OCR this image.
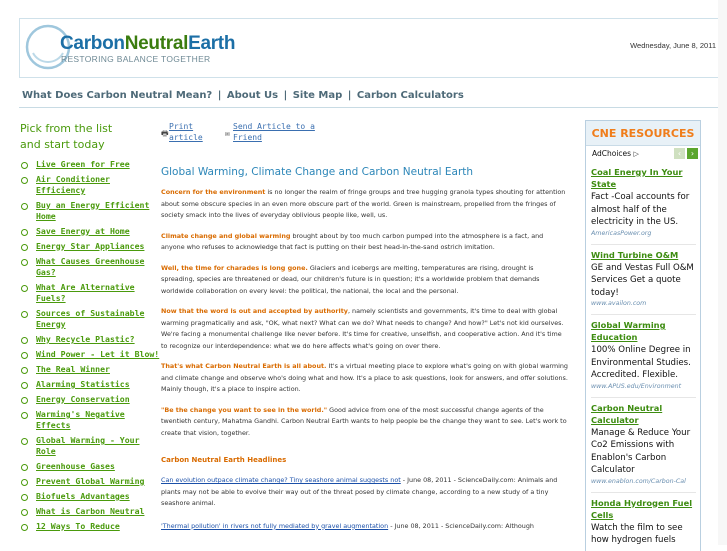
CarbonNeutralEarth
RESTORING BALANCE TOGETHER
Wednesday, June 8, 2011
What Does Carbon Neutral Mean? | About Us | Site Map | Carbon Calculators
Pick from the list
and start today
Live Green for Free
Air Conditioner Efficiency
Buy an Energy Efficient Home
Save Energy at Home
Energy Star Appliances
What Causes Greenhouse Gas?
What Are Alternative Fuels?
Sources of Sustainable Energy
Why Recycle Plastic?
Wind Power - Let it Blow!
The Real Winner
Alarming Statistics
Energy Conservation
Warming's Negative Effects
Global Warming - Your Role
Greenhouse Gases
Prevent Global Warming
Biofuels Advantages
What is Carbon Neutral
12 Ways To Reduce
🖶
Print article	✉
Send Article to a Friend
Global Warming, Climate Change and Carbon Neutral Earth

Concern for the environment is no longer the realm of fringe groups and tree hugging granola types shouting for attention about some obscure species in an even more obscure part of the world. Green is mainstream, propelled from the fringes of society smack into the lives of everyday oblivious people like, well, us.

Climate change and global warming brought about by too much carbon pumped into the atmosphere is a fact, and anyone who refuses to acknowledge that fact is putting on their best head-in-the-sand ostrich imitation.

Well, the time for charades is long gone. Glaciers and icebergs are melting, temperatures are rising, drought is spreading, species are threatened or dead, our children's future is in question; it's a worldwide problem that demands worldwide collaboration on every level: the political, the national, the local and the personal.

Now that the word is out and accepted by authority, namely scientists and governments, it's time to deal with global warming pragmatically and ask, "OK, what next? What can we do? What needs to change? And how?" Let's not kid ourselves. We're facing a monumental challenge like never before. It's time for creative, unselfish, and cooperative action. And it's time to recognize our interdependence: what we do here affects what's going on over there.

That's what Carbon Neutral Earth is all about. It's a virtual meeting place to explore what's going on with global warming and climate change and observe who's doing what and how. It's a place to ask questions, look for answers, and offer solutions. Mainly though, it's a place to inspire action.

"Be the change you want to see in the world." Good advice from one of the most successful change agents of the twentieth century, Mahatma Gandhi. Carbon Neutral Earth wants to help people be the change they want to see. Let's work to create that vision, together.

Carbon Neutral Earth Headlines

Can evolution outpace climate change? Tiny seashore animal suggests not - June 08, 2011 - ScienceDaily.com: Animals and plants may not be able to evolve their way out of the threat posed by climate change, according to a new study of a tiny seashore animal.

'Thermal pollution' in rivers not fully mediated by gravel augmentation - June 08, 2011 - ScienceDaily.com: Although

CNE RESOURCES
AdChoices ▷	‹	›
Coal Energy In Your State
Fact -Coal accounts for almost half of the electricity in the US.
AmericasPower.org
Wind Turbine O&M
GE and Vestas Full O&M Services Get a quote today!
www.availon.com
Global Warming Education
100% Online Degree in Environmental Studies. Accredited. Flexible.
www.APUS.edu/Environment
Carbon Neutral Calculator
Manage & Reduce Your Co2 Emissions with Enablon's Carbon Calculator
www.enablon.com/Carbon-Cal
Honda Hydrogen Fuel Cells
Watch the film to see how hydrogen fuels
